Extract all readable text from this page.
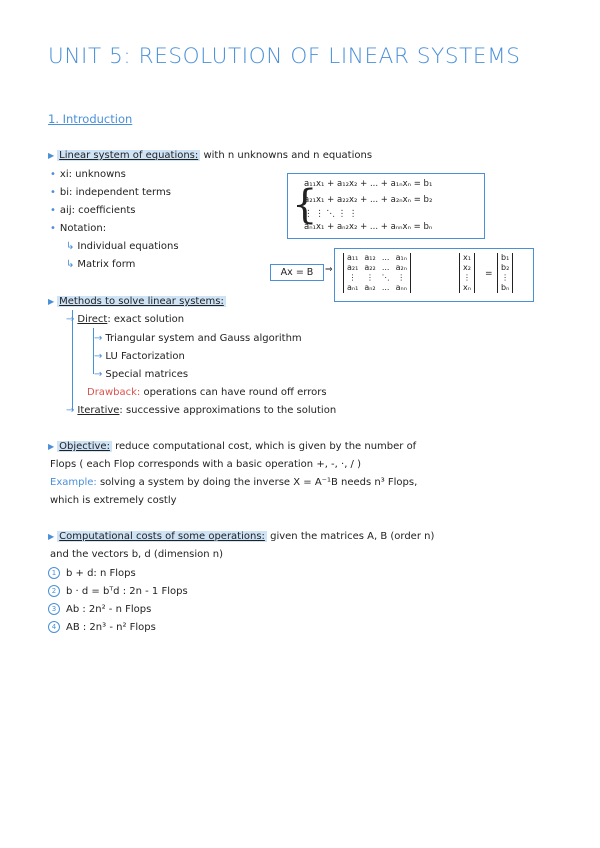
UNIT 5: RESOLUTION OF LINEAR SYSTEMS
1. Introduction
▶ Linear system of equations: with n unknowns and n equations
• xi: unknowns
• bi: independent terms
• aij: coefficients
• Notation:
↳ Individual equations
↳ Matrix form
{
a₁₁x₁ + a₁₂x₂ + ... + a₁ₙxₙ = b₁
a₂₁x₁ + a₂₂x₂ + ... + a₂ₙxₙ = b₂
⋮ ⋮ ⋱ ⋮ ⋮
aₙ₁x₁ + aₙ₂x₂ + ... + aₙₙxₙ = bₙ
Ax = B	⇒
a₁₁	a₁₂	...	a₁ₙ
a₂₁	a₂₂	...	a₂ₙ
⋮	⋮	⋱	⋮
aₙ₁	aₙ₂	...	aₙₙ
x₁
x₂
⋮
xₙ
=
b₁
b₂
⋮
bₙ
▶ Methods to solve linear systems:
→ Direct: exact solution
→ Triangular system and Gauss algorithm
→ LU Factorization
→ Special matrices
Drawback: operations can have round off errors
→ Iterative: successive approximations to the solution
▶ Objective: reduce computational cost, which is given by the number of
Flops ( each Flop corresponds with a basic operation +, -, ·, / )
Example: solving a system by doing the inverse X = A⁻¹B needs n³ Flops,
which is extremely costly
▶ Computational costs of some operations: given the matrices A, B (order n)
and the vectors b, d (dimension n)
1 b + d: n Flops
2 b · d = bᵀd : 2n - 1 Flops
3 Ab : 2n² - n Flops
4 AB : 2n³ - n² Flops
